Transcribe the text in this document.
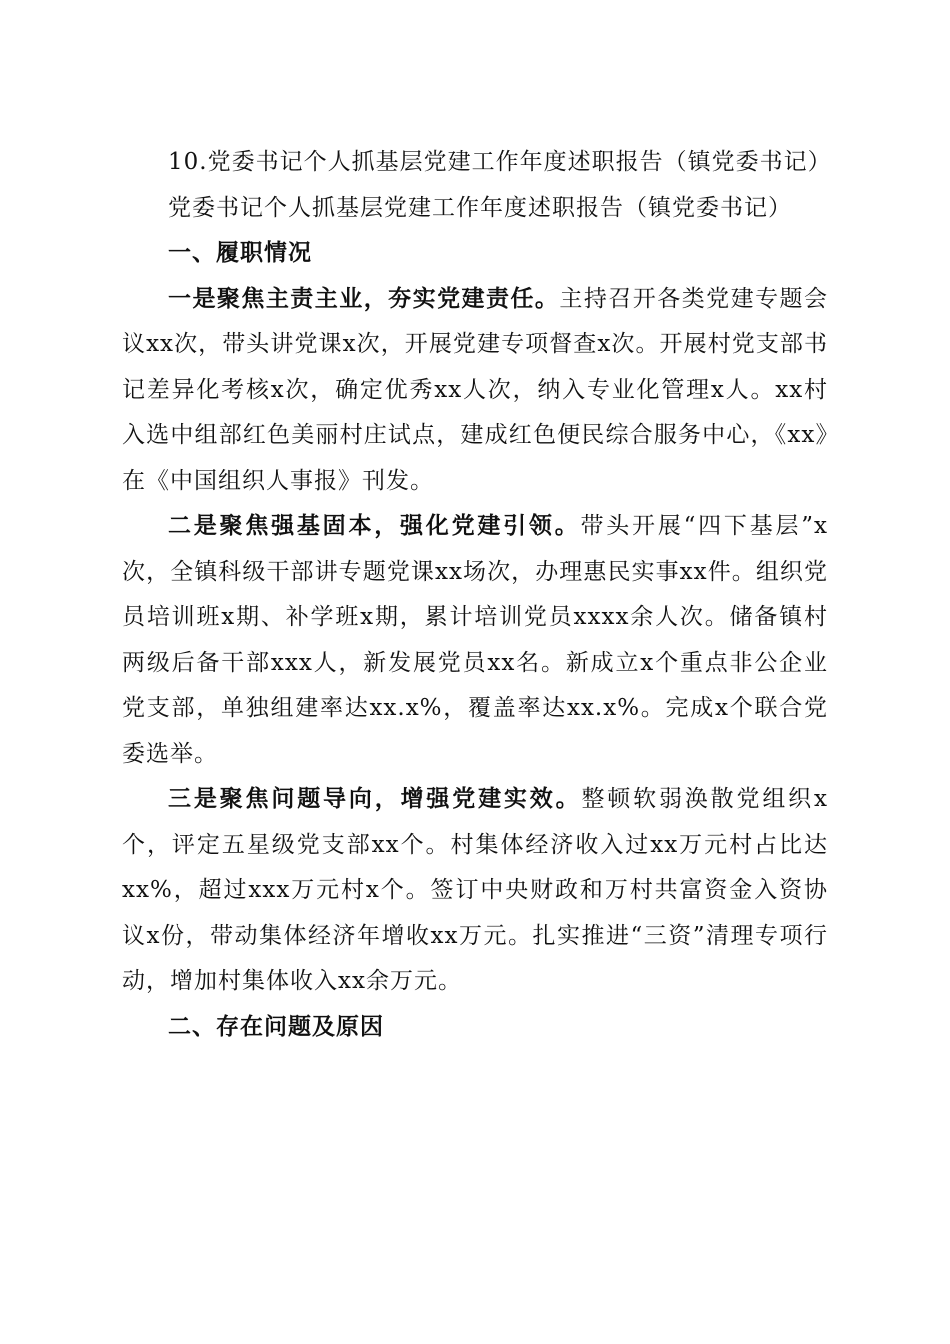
10.党委书记个人抓基层党建工作年度述职报告（镇党委书记）

党委书记个人抓基层党建工作年度述职报告（镇党委书记）

一、履职情况

一是聚焦主责主业，夯实党建责任。主持召开各类党建专题会议xx次，带头讲党课x次，开展党建专项督查x次。开展村党支部书记差异化考核x次，确定优秀xx人次，纳入专业化管理x人。xx村入选中组部红色美丽村庄试点，建成红色便民综合服务中心，《xx》在《中国组织人事报》刊发。

二是聚焦强基固本，强化党建引领。带头开展“四下基层”x次，全镇科级干部讲专题党课xx场次，办理惠民实事xx件。组织党员培训班x期、补学班x期，累计培训党员xxxx余人次。储备镇村两级后备干部xxx人，新发展党员xx名。新成立x个重点非公企业党支部，单独组建率达xx.x%，覆盖率达xx.x%。完成x个联合党委选举。

三是聚焦问题导向，增强党建实效。整顿软弱涣散党组织x个，评定五星级党支部xx个。村集体经济收入过xx万元村占比达xx%，超过xxx万元村x个。签订中央财政和万村共富资金入资协议x份，带动集体经济年增收xx万元。扎实推进“三资”清理专项行动，增加村集体收入xx余万元。

二、存在问题及原因
